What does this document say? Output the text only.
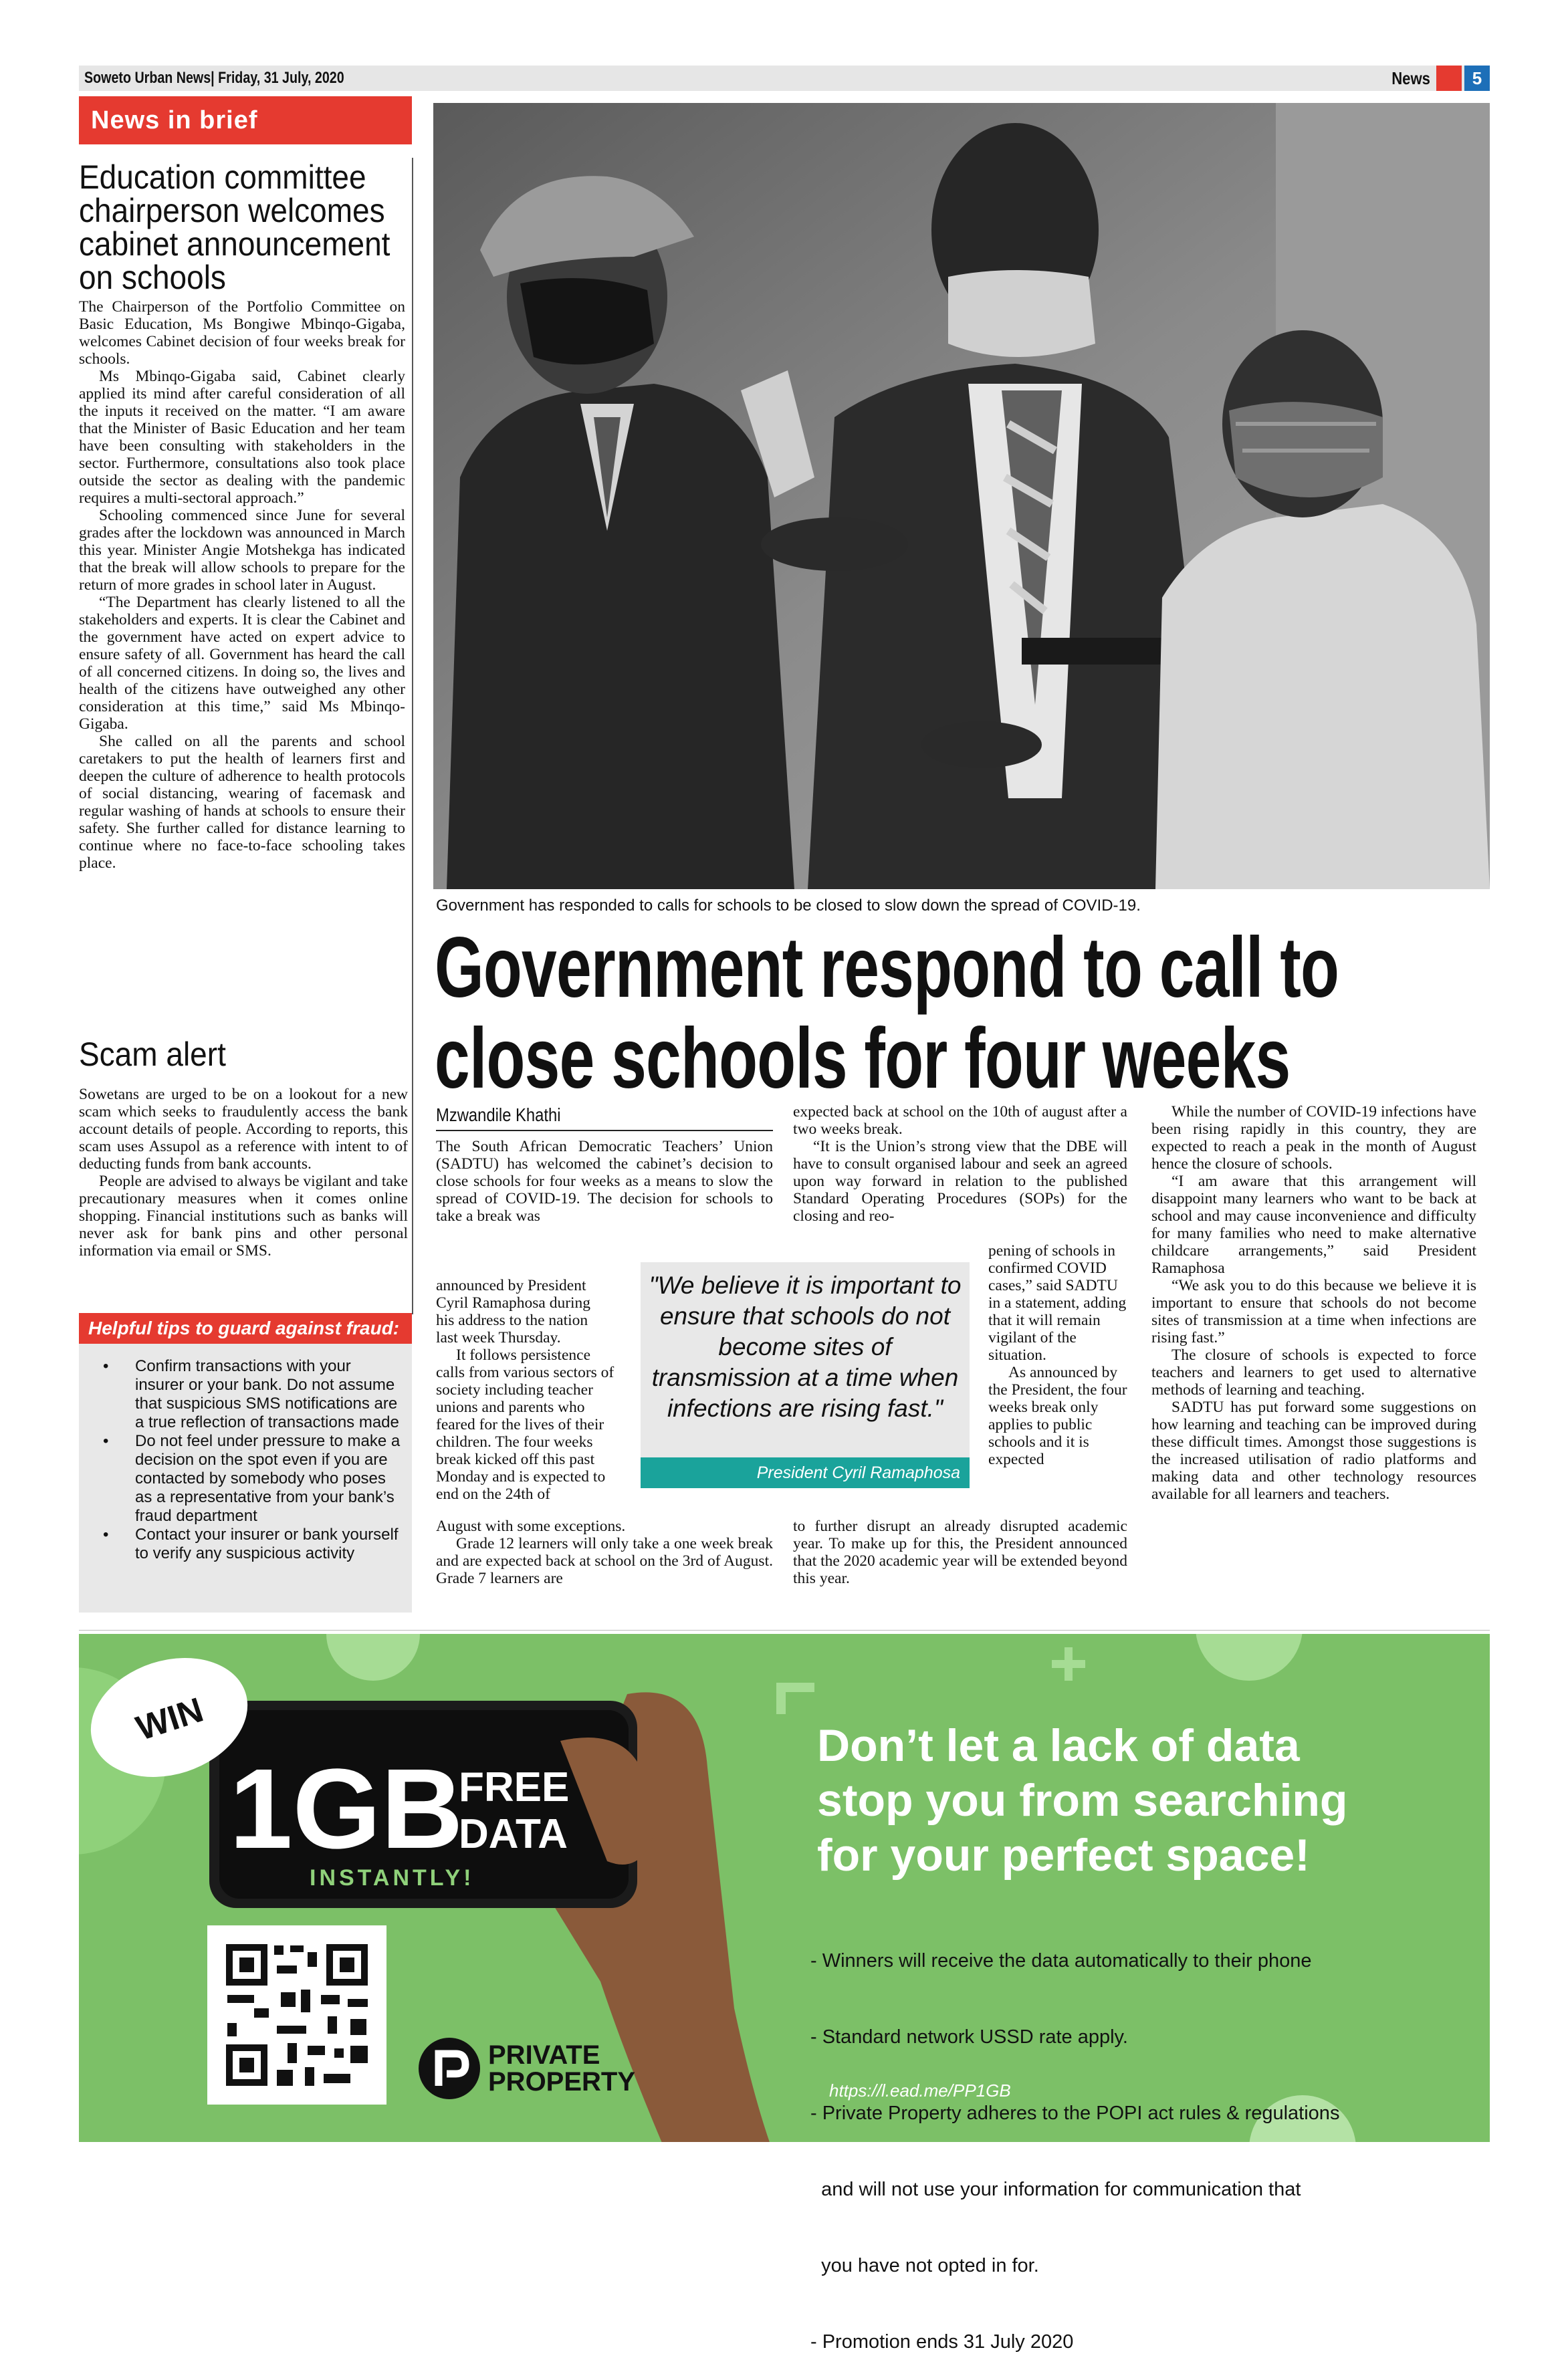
Soweto Urban News| Friday, 31 July, 2020	News	5
News in brief
Education committee
chairperson welcomes
cabinet announcement
on schools

The Chairperson of the Portfolio Committee on Basic Education, Ms Bongiwe Mbinqo-Gigaba, welcomes Cabinet decision of four weeks break for schools.

Ms Mbinqo-Gigaba said, Cabinet clearly applied its mind after careful consideration of all the inputs it received on the matter. “I am aware that the Minister of Basic Education and her team have been consulting with stakeholders in the sector. Furthermore, consultations also took place outside the sector as dealing with the pandemic requires a multi-sectoral approach.”

Schooling commenced since June for several grades after the lockdown was announced in March this year. Minister Angie Motshekga has indicated that the break will allow schools to prepare for the return of more grades in school later in August.

“The Department has clearly listened to all the stakeholders and experts. It is clear the Cabinet and the government have acted on expert advice to ensure safety of all. Government has heard the call of all concerned citizens. In doing so, the lives and health of the citizens have outweighed any other consideration at this time,” said Ms Mbinqo-Gigaba.

She called on all the parents and school caretakers to put the health of learners first and deepen the culture of adherence to health protocols of social distancing, wearing of facemask and regular washing of hands at schools to ensure their safety. She further called for distance learning to continue where no face-to-face schooling takes place.

Scam alert

Sowetans are urged to be on a lookout for a new scam which seeks to fraudulently access the bank account details of people. According to reports, this scam uses Assupol as a reference with intent to of deducting funds from bank accounts.

People are advised to always be vigilant and take precautionary measures when it comes online shopping. Financial institutions such as banks will never ask for bank pins and other personal information via email or SMS.

Helpful tips to guard against fraud:
• Confirm transactions with your insurer or your bank. Do not assume that suspicious SMS notifications are a true reflection of transactions made
• Do not feel under pressure to make a decision on the spot even if you are contacted by somebody who poses as a representative from your bank’s fraud department
• Contact your insurer or bank yourself to verify any suspicious activity
Government has responded to calls for schools to be closed to slow down the spread of COVID-19.
Government respond to call to
close schools for four weeks
Mzwandile Khathi

The South African Democratic Teachers’ Union (SADTU) has welcomed the cabinet’s decision to close schools for four weeks as a means to slow the spread of COVID-19. The decision for schools to take a break was

announced by President
Cyril Ramaphosa during
his address to the nation
last week Thursday.

It follows persistence calls from various sectors of society including teacher unions and parents who feared for the lives of their children. The four weeks break kicked off this past Monday and is expected to end on the 24th of

August with some exceptions.

Grade 12 learners will only take a one week break and are expected back at school on the 3rd of August. Grade 7 learners are

expected back at school on the 10th of august after a two weeks break.

“It is the Union’s strong view that the DBE will have to consult organised labour and seek an agreed upon way forward in relation to the published Standard Operating Procedures (SOPs) for the closing and reo-

pening of schools in confirmed COVID cases,” said SADTU in a statement, adding that it will remain vigilant of the situation.

As announced by the President, the four weeks break only applies to public schools and it is expected

to further disrupt an already disrupted academic year. To make up for this, the President announced that the 2020 academic year will be extended beyond this year.

"We believe it is important to ensure that schools do not become sites of transmission at a time when infections are rising fast."
President Cyril Ramaphosa

While the number of COVID-19 infections have been rising rapidly in this country, they are expected to reach a peak in the month of August hence the closure of schools.

“I am aware that this arrangement will disappoint many learners who want to be back at school and may cause inconvenience and difficulty for many families who need to make alternative childcare arrangements,” said President Ramaphosa

“We ask you to do this because we believe it is important to ensure that schools do not become sites of transmission at a time when infections are rising fast.”

The closure of schools is expected to force teachers and learners to get used to alternative methods of learning and teaching.

SADTU has put forward some suggestions on how learning and teaching can be improved during these difficult times. Amongst those suggestions is the increased utilisation of radio platforms and making data and other technology resources available for all learners and teachers.

WIN
1GB
FREE
DATA
INSTANTLY!
PRIVATE
PROPERTY
Don’t let a lack of data
stop you from searching
for your perfect space!

- Winners will receive the data automatically to their phone

- Standard network USSD rate apply.

- Private Property adheres to the POPI act rules & regulations

and will not use your information for communication that

you have not opted in for.

- Promotion ends 31 July 2020

https://l.ead.me/PP1GB
